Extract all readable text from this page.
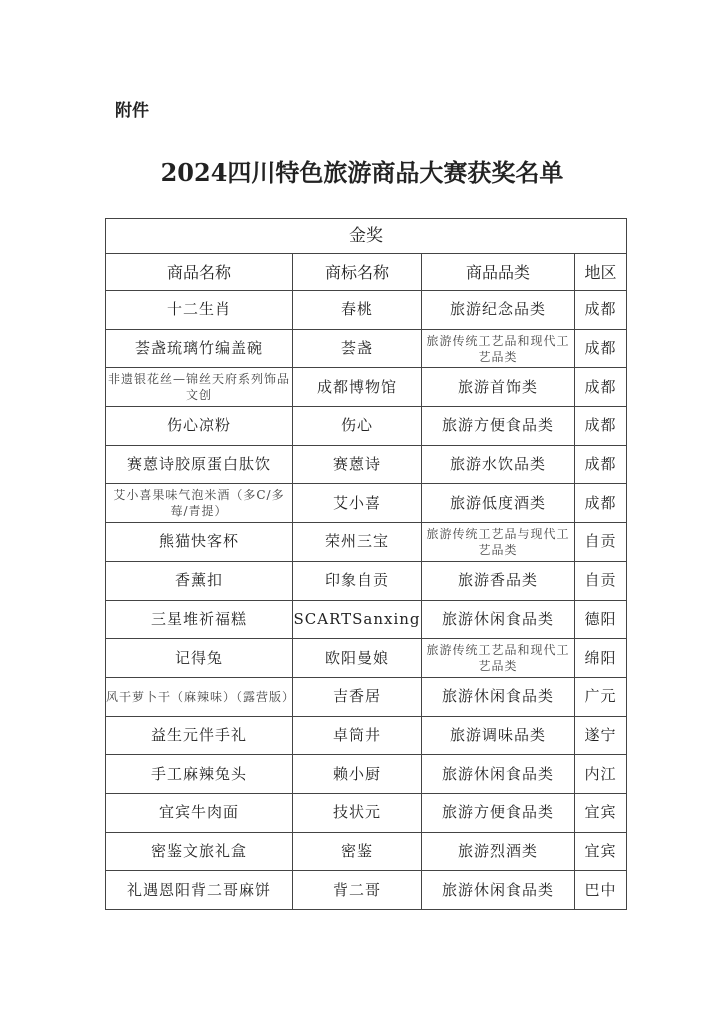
附件
2024四川特色旅游商品大赛获奖名单
金奖			
商品名称	商标名称	商品品类	地区
十二生肖	春桃	旅游纪念品类	成都
荟盏琉璃竹编盖碗	荟盏	旅游传统工艺品和现代工艺品类	成都
非遗银花丝—锦丝天府系列饰品文创	成都博物馆	旅游首饰类	成都
伤心凉粉	伤心	旅游方便食品类	成都
赛蒽诗胶原蛋白肽饮	赛蒽诗	旅游水饮品类	成都
艾小喜果味气泡米酒（多C/多莓/青提）	艾小喜	旅游低度酒类	成都
熊猫快客杯	荣州三宝	旅游传统工艺品与现代工艺品类	自贡
香薰扣	印象自贡	旅游香品类	自贡
三星堆祈福糕	SCARTSanxing	旅游休闲食品类	德阳
记得兔	欧阳曼娘	旅游传统工艺品和现代工艺品类	绵阳
风干萝卜干（麻辣味）（露营版）	吉香居	旅游休闲食品类	广元
益生元伴手礼	卓筒井	旅游调味品类	遂宁
手工麻辣兔头	赖小厨	旅游休闲食品类	内江
宜宾牛肉面	技状元	旅游方便食品类	宜宾
密鉴文旅礼盒	密鉴	旅游烈酒类	宜宾
礼遇恩阳背二哥麻饼	背二哥	旅游休闲食品类	巴中
